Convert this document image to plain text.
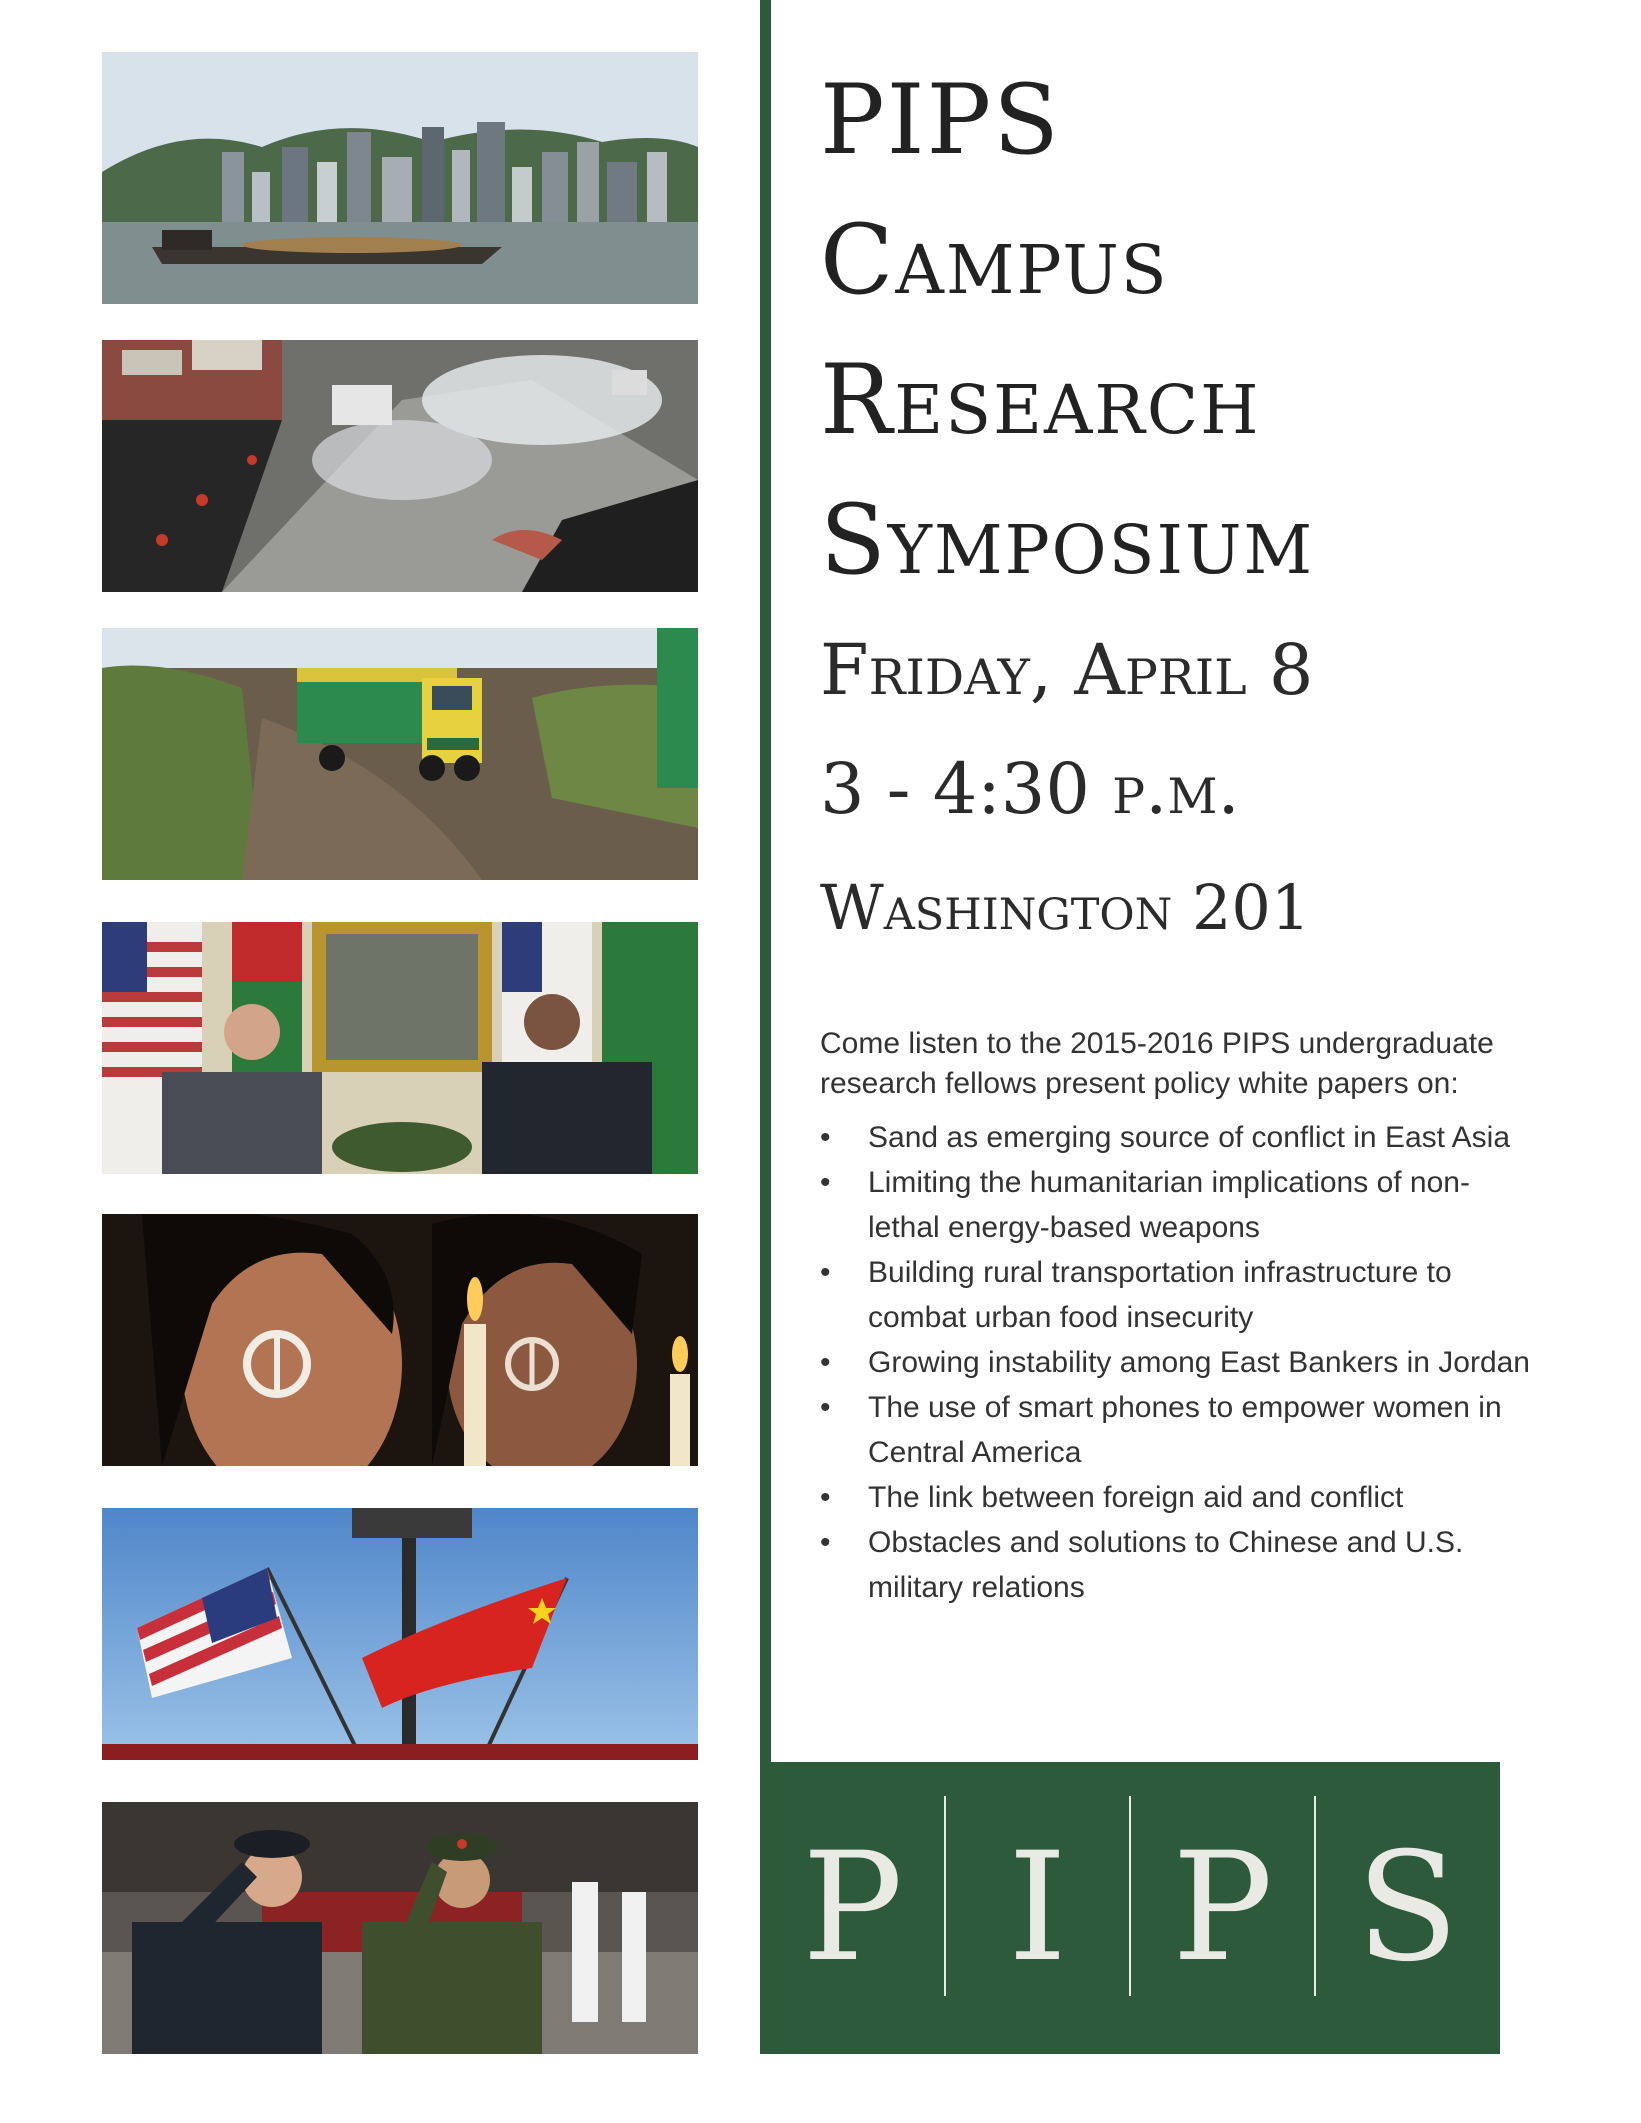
PIPS
Campus
Research
Symposium

Friday, April 8

3 - 4:30 p.m.

Washington 201

Come listen to the 2015-2016 PIPS undergraduate research fellows present policy white papers on:
• Sand as emerging source of conflict in East Asia
• Limiting the humanitarian implications of non-lethal energy-based weapons
• Building rural transportation infrastructure to combat urban food insecurity
• Growing instability among East Bankers in Jordan
• The use of smart phones to empower women in Central America
• The link between foreign aid and conflict
• Obstacles and solutions to Chinese and U.S. military relations
P I P S
